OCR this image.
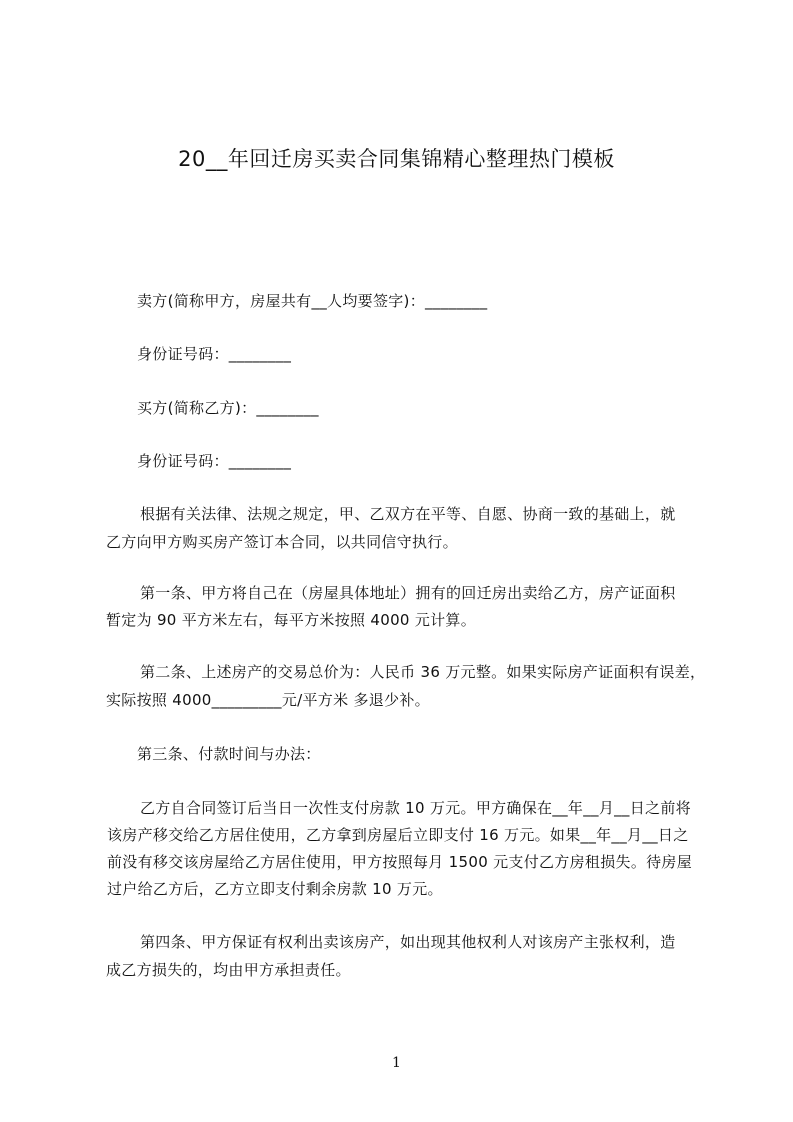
20__年回迁房买卖合同集锦精心整理热门模板
卖方(简称甲方，房屋共有__人均要签字)：________
身份证号码：________
买方(简称乙方)：________
身份证号码：________
根据有关法律、法规之规定，甲、乙双方在平等、自愿、协商一致的基础上，就
乙方向甲方购买房产签订本合同，以共同信守执行。
第一条、甲方将自己在（房屋具体地址）拥有的回迁房出卖给乙方，房产证面积
暂定为 90 平方米左右，每平方米按照 4000 元计算。
第二条、上述房产的交易总价为：人民币 36 万元整。如果实际房产证面积有误差，
实际按照 4000_________元/平方米 多退少补。
第三条、付款时间与办法：
乙方自合同签订后当日一次性支付房款 10 万元。甲方确保在__年__月__日之前将
该房产移交给乙方居住使用，乙方拿到房屋后立即支付 16 万元。如果__年__月__日之
前没有移交该房屋给乙方居住使用，甲方按照每月 1500 元支付乙方房租损失。待房屋
过户给乙方后，乙方立即支付剩余房款 10 万元。
第四条、甲方保证有权利出卖该房产，如出现其他权利人对该房产主张权利，造
成乙方损失的，均由甲方承担责任。
1
